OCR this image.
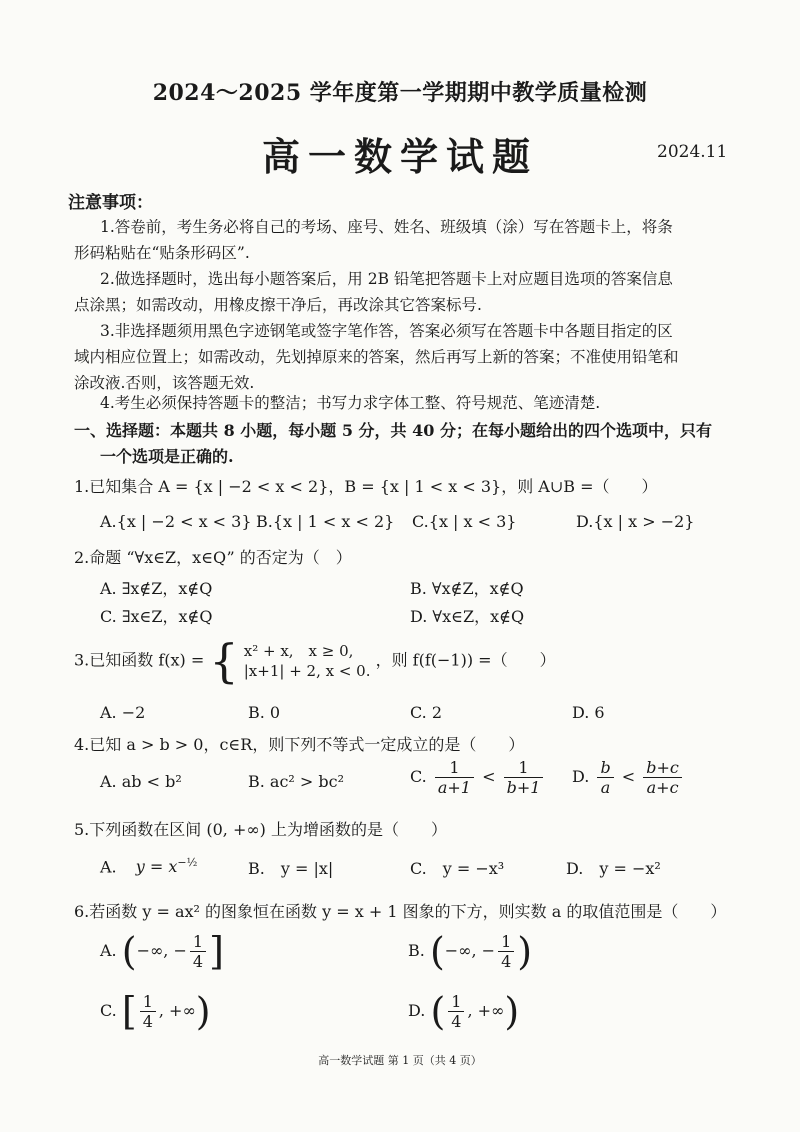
2024～2025 学年度第一学期期中教学质量检测
高一数学试题	2024.11
注意事项：
1.答卷前，考生务必将自己的考场、座号、姓名、班级填（涂）写在答题卡上，将条
形码粘贴在“贴条形码区”.
2.做选择题时，选出每小题答案后，用 2B 铅笔把答题卡上对应题目选项的答案信息
点涂黑；如需改动，用橡皮擦干净后，再改涂其它答案标号.
3.非选择题须用黑色字迹钢笔或签字笔作答，答案必须写在答题卡中各题目指定的区
域内相应位置上；如需改动，先划掉原来的答案，然后再写上新的答案；不准使用铅笔和
涂改液.否则，该答题无效.
4.考生必须保持答题卡的整洁；书写力求字体工整、符号规范、笔迹清楚.
一、选择题：本题共 8 小题，每小题 5 分，共 40 分；在每小题给出的四个选项中，只有
一个选项是正确的.
1.已知集合 A = {x | −2 < x < 2}，B = {x | 1 < x < 3}，则 A∪B =（　　）
A.{x | −2 < x < 3} B.{x | 1 < x < 2} C.{x | x < 3}	D.{x | x > −2}
2.命题 “∀x∈Z，x∈Q” 的否定为（　）
A. ∃x∉Z，x∉Q	B. ∀x∉Z，x∉Q
C. ∃x∈Z，x∉Q	D. ∀x∈Z，x∉Q
3.已知函数 f(x) = { x² + x,　x ≥ 0,
|x+1| + 2, x < 0.
，则 f(f(−1)) =（　　）
A. −2	B. 0	C. 2	D. 6
4.已知 a > b > 0，c∈R，则下列不等式一定成立的是（　　）
A. ab < b²	B. ac² > bc²	C. $\frac{1}{a+1} < \frac{1}{b+1} D$. $\frac{b}{a} < \frac{b+c}{a+c}$
5.下列函数在区间 (0, +∞) 上为增函数的是（　　）
A. $y = x^{-\frac{1}{2}}$	B.　y = |x|	C.　y = −x³	D.　y = −x²
6.若函数 y = ax² 的图象恒在函数 y = x + 1 图象的下方，则实数 a 的取值范围是（　　）
A. (−∞, − $\frac{1}{4}$ ]	B. (−∞, − $\frac{1}{4}$ )
C. [ $\frac{1}{4}$ , +∞)	D. ( $\frac{1}{4}$ , +∞)
高一数学试题 第 1 页（共 4 页）
